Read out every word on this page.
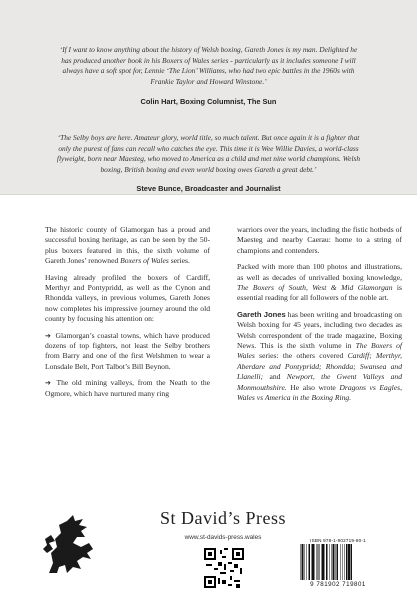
‘If I want to know anything about the history of Welsh boxing, Gareth Jones is my man. Delighted he has produced another book in his Boxers of Wales series - particularly as it includes someone I will always have a soft spot for, Lennie ‘The Lion’ Williams, who had two epic battles in the 1960s with Frankie Taylor and Howard Winstone.’
Colin Hart, Boxing Columnist, The Sun
‘The Selby boys are here. Amateur glory, world title, so much talent. But once again it is a fighter that only the purest of fans can recall who catches the eye. This time it is Wee Willie Davies, a world-class flyweight, born near Maesteg, who moved to America as a child and met nine world champions. Welsh boxing, British boxing and even world boxing owes Gareth a great debt.’
Steve Bunce, Broadcaster and Journalist

The historic county of Glamorgan has a proud and successful boxing heritage, as can be seen by the 50-plus boxers featured in this, the sixth volume of Gareth Jones’ renowned Boxers of Wales series.

Having already profiled the boxers of Cardiff, Merthyr and Pontypridd, as well as the Cynon and Rhondda valleys, in previous volumes, Gareth Jones now completes his impressive journey around the old county by focusing his attention on:

➔ Glamorgan’s coastal towns, which have produced dozens of top fighters, not least the Selby brothers from Barry and one of the first Welshmen to wear a Lonsdale Belt, Port Talbot’s Bill Beynon.

➔ The old mining valleys, from the Neath to the Ogmore, which have nurtured many ring

warriors over the years, including the fistic hotbeds of Maesteg and nearby Caerau: home to a string of champions and contenders.

Packed with more than 100 photos and illustrations, as well as decades of unrivalled boxing knowledge, The Boxers of South, West & Mid Glamorgan is essential reading for all followers of the noble art.

Gareth Jones has been writing and broadcasting on Welsh boxing for 45 years, including two decades as Welsh correspondent of the trade magazine, Boxing News. This is the sixth volume in The Boxers of Wales series: the others covered Cardiff; Merthyr, Aberdare and Pontypridd; Rhondda; Swansea and Llanelli; and Newport, the Gwent Valleys and Monmouthshire. He also wrote Dragons vs Eagles, Wales vs America in the Boxing Ring.

St David’s Press
www.st-davids-press.wales	ISBN 978-1-902719-80-1
9 781902 719801
